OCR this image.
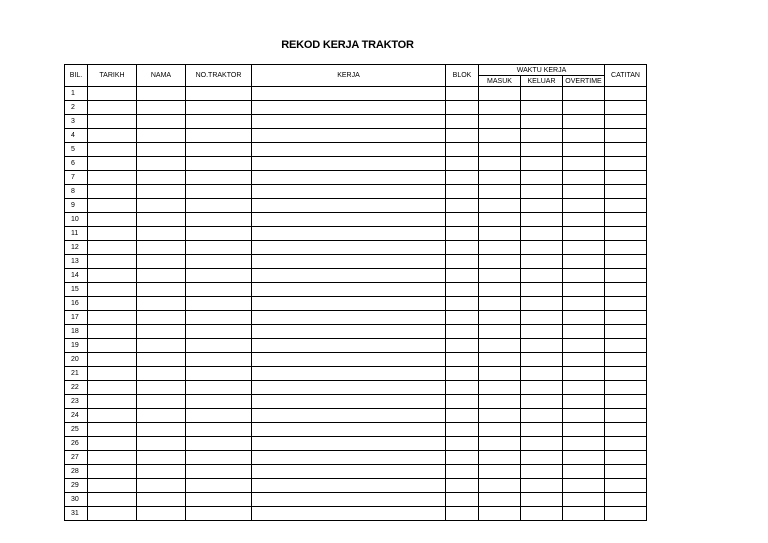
REKOD KERJA TRAKTOR
BIL.	TARIKH	NAMA	NO.TRAKTOR	KERJA	BLOK	WAKTU KERJA			CATITAN
						MASUK	KELUAR	OVERTIME	
1									
2									
3									
4									
5									
6									
7									
8									
9									
10									
11									
12									
13									
14									
15									
16									
17									
18									
19									
20									
21									
22									
23									
24									
25									
26									
27									
28									
29									
30									
31									
